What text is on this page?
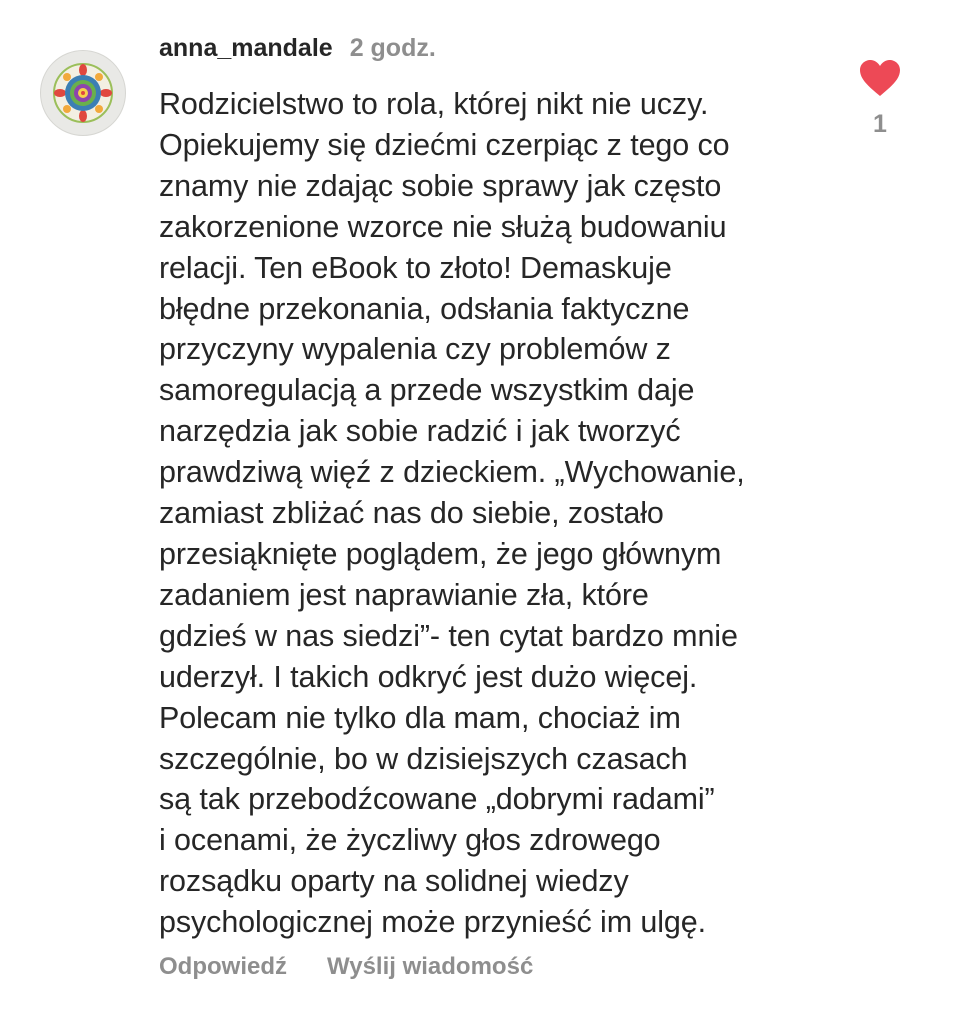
anna_mandale 2 godz.
Rodzicielstwo to rola, której nikt nie uczy.
Opiekujemy się dziećmi czerpiąc z tego co
znamy nie zdając sobie sprawy jak często
zakorzenione wzorce nie służą budowaniu
relacji. Ten eBook to złoto! Demaskuje
błędne przekonania, odsłania faktyczne
przyczyny wypalenia czy problemów z
samoregulacją a przede wszystkim daje
narzędzia jak sobie radzić i jak tworzyć
prawdziwą więź z dzieckiem. „Wychowanie,
zamiast zbliżać nas do siebie, zostało
przesiąknięte poglądem, że jego głównym
zadaniem jest naprawianie zła, które
gdzieś w nas siedzi”- ten cytat bardzo mnie
uderzył. I takich odkryć jest dużo więcej.
Polecam nie tylko dla mam, chociaż im
szczególnie, bo w dzisiejszych czasach
są tak przebodźcowane „dobrymi radami”
i ocenami, że życzliwy głos zdrowego
rozsądku oparty na solidnej wiedzy
psychologicznej może przynieść im ulgę.
1
Odpowiedź Wyślij wiadomość
